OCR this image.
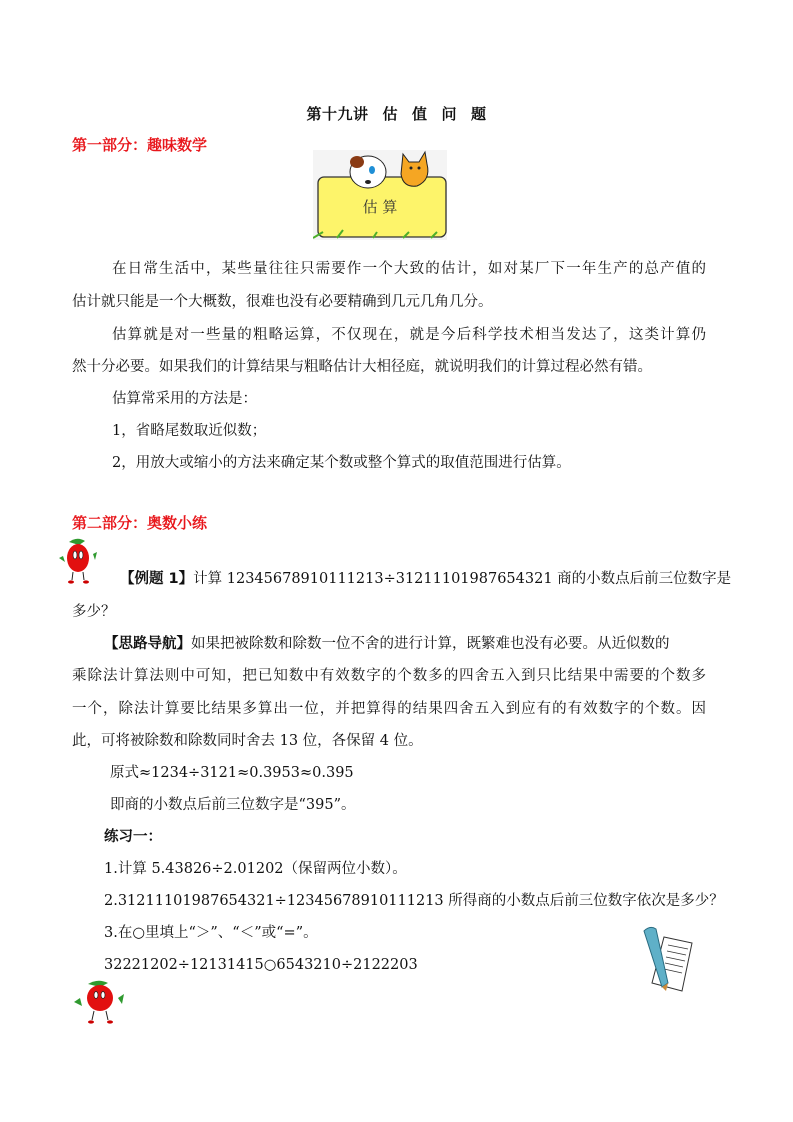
第十九讲 估 值 问 题
第一部分：趣味数学
估 算
在日常生活中，某些量往往只需要作一个大致的估计，如对某厂下一年生产的总产值的
估计就只能是一个大概数，很难也没有必要精确到几元几角几分。
估算就是对一些量的粗略运算，不仅现在，就是今后科学技术相当发达了，这类计算仍
然十分必要。如果我们的计算结果与粗略估计大相径庭，就说明我们的计算过程必然有错。
估算常采用的方法是：
1，省略尾数取近似数；
2，用放大或缩小的方法来确定某个数或整个算式的取值范围进行估算。
第二部分：奥数小练
【例题 1】计算 12345678910111213÷31211101987654321 商的小数点后前三位数字是
多少？
【思路导航】如果把被除数和除数一位不舍的进行计算，既繁难也没有必要。从近似数的
乘除法计算法则中可知，把已知数中有效数字的个数多的四舍五入到只比结果中需要的个数多
一个，除法计算要比结果多算出一位，并把算得的结果四舍五入到应有的有效数字的个数。因
此，可将被除数和除数同时舍去 13 位，各保留 4 位。
原式≈1234÷3121≈0.3953≈0.395
即商的小数点后前三位数字是“395”。
练习一：
1.计算 5.43826÷2.01202（保留两位小数）。
2.31211101987654321÷12345678910111213 所得商的小数点后前三位数字依次是多少？
3.在○里填上“＞”、“＜”或“=”。
32221202÷12131415○6543210÷2122203
